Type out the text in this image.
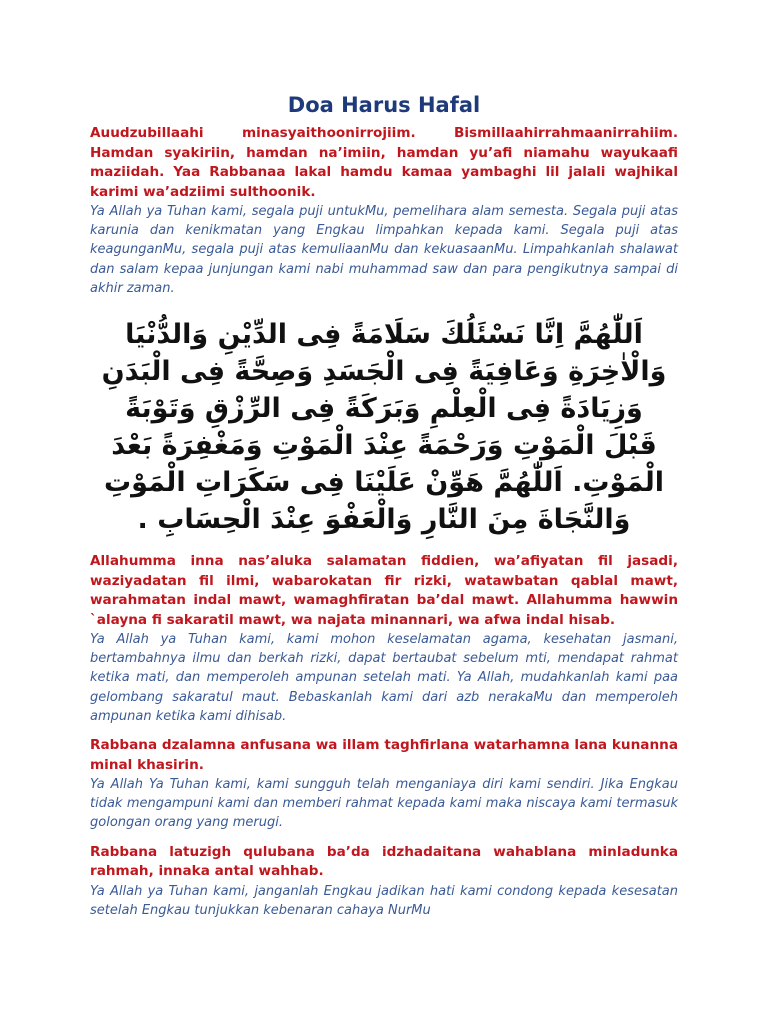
Doa Harus Hafal

Auudzubillaahi minasyaithoonirrojiim. Bismillaahirrahmaanirrahiim. Hamdan syakiriin, hamdan na’imiin, hamdan yu’afi niamahu wayukaafi maziidah. Yaa Rabbanaa lakal hamdu kamaa yambaghi lil jalali wajhikal karimi wa’adziimi sulthoonik.

Ya Allah ya Tuhan kami, segala puji untukMu, pemelihara alam semesta. Segala puji atas karunia dan kenikmatan yang Engkau limpahkan kepada kami. Segala puji atas keagunganMu, segala puji atas kemuliaanMu dan kekuasaanMu. Limpahkanlah shalawat dan salam kepaa junjungan kami nabi muhammad saw dan para pengikutnya sampai di akhir zaman.

اَللّٰهُمَّ اِنَّا نَسْئَلُكَ سَلَامَةً فِى الدِّيْنِ وَالدُّنْيَا
وَالْاٰخِرَةِ وَعَافِيَةً فِى الْجَسَدِ وَصِحَّةً فِى الْبَدَنِ
وَزِيَادَةً فِى الْعِلْمِ وَبَرَكَةً فِى الرِّزْقِ وَتَوْبَةً
قَبْلَ الْمَوْتِ وَرَحْمَةً عِنْدَ الْمَوْتِ وَمَغْفِرَةً بَعْدَ
الْمَوْتِ. اَللّٰهُمَّ هَوِّنْ عَلَيْنَا فِى سَكَرَاتِ الْمَوْتِ
وَالنَّجَاةَ مِنَ النَّارِ وَالْعَفْوَ عِنْدَ الْحِسَابِ .

Allahumma inna nas’aluka salamatan fiddien, wa’afiyatan fil jasadi, waziyadatan fil ilmi, wabarokatan fir rizki, watawbatan qablal mawt, warahmatan indal mawt, wamaghfiratan ba’dal mawt. Allahumma hawwin `alayna fi sakaratil mawt, wa najata minannari, wa afwa indal hisab.

Ya Allah ya Tuhan kami, kami mohon keselamatan agama, kesehatan jasmani, bertambahnya ilmu dan berkah rizki, dapat bertaubat sebelum mti, mendapat rahmat ketika mati, dan memperoleh ampunan setelah mati. Ya Allah, mudahkanlah kami paa gelombang sakaratul maut. Bebaskanlah kami dari azb nerakaMu dan memperoleh ampunan ketika kami dihisab.

Rabbana dzalamna anfusana wa illam taghfirlana watarhamna lana kunanna minal khasirin.

Ya Allah Ya Tuhan kami, kami sungguh telah menganiaya diri kami sendiri. Jika Engkau tidak mengampuni kami dan memberi rahmat kepada kami maka niscaya kami termasuk golongan orang yang merugi.

Rabbana latuzigh qulubana ba’da idzhadaitana wahablana minladunka rahmah, innaka antal wahhab.

Ya Allah ya Tuhan kami, janganlah Engkau jadikan hati kami condong kepada kesesatan setelah Engkau tunjukkan kebenaran cahaya NurMu
